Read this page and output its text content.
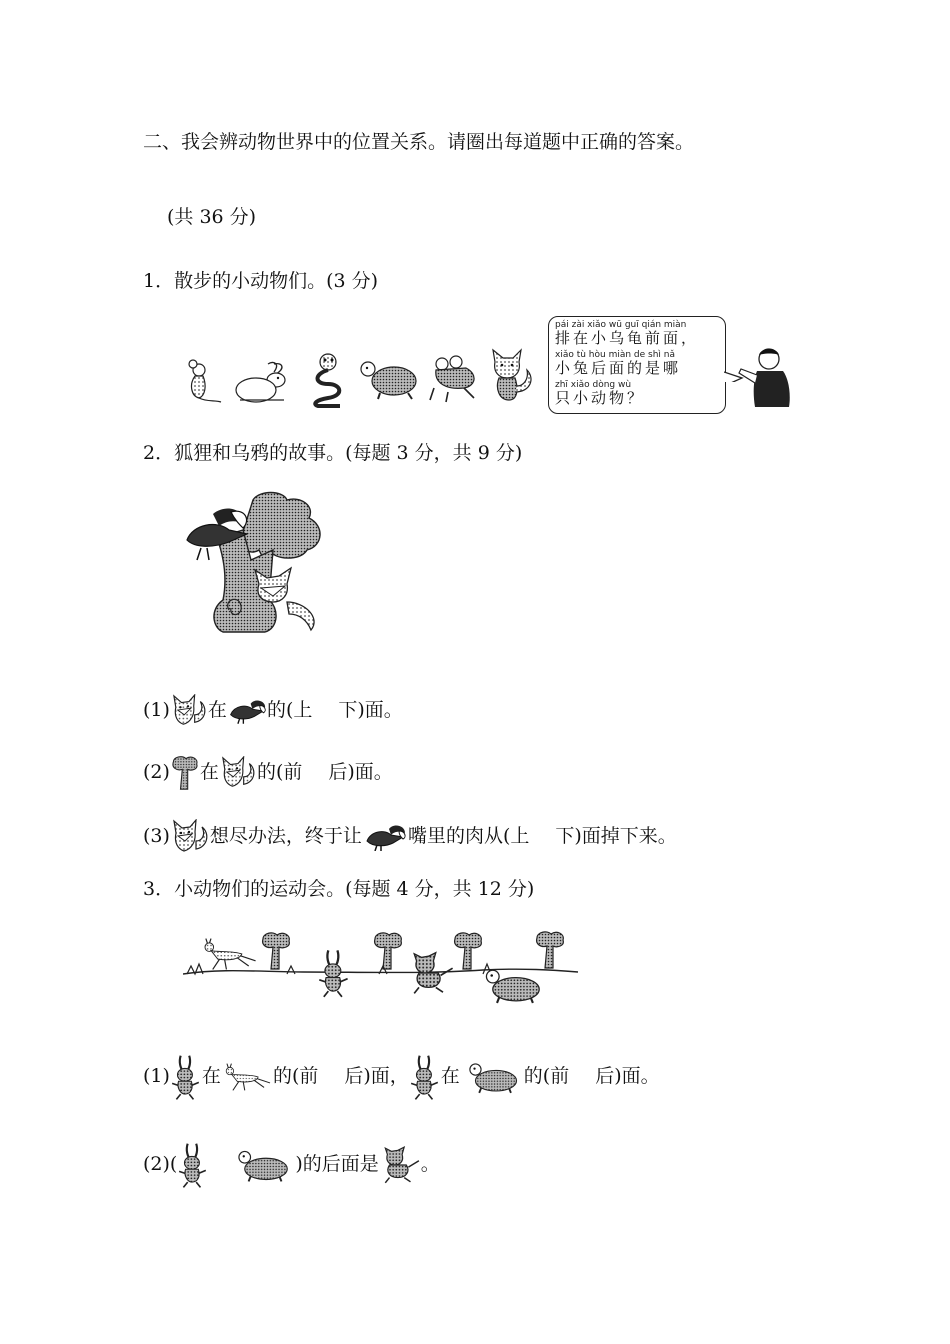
二、我会辨动物世界中的位置关系。请圈出每道题中正确的答案。
(共 36 分)
1．散步的小动物们。(3 分)
pái zài xiǎo wū guī qián miàn
排在小乌龟前面，
xiǎo tù hòu miàn de shì nǎ
小兔后面的是哪
zhī xiǎo dòng wù
只小动物？
2．狐狸和乌鸦的故事。(每题 3 分，共 9 分)
(1) 在 的(上 下)面。
(2) 在 的(前 后)面。
(3) 想尽办法，终于让 嘴里的肉从(上 下)面掉下来。
3．小动物们的运动会。(每题 4 分，共 12 分)
(1) 在	的(前 后)面， 在	的(前 后)面。
(2)(	)的后面是 。
